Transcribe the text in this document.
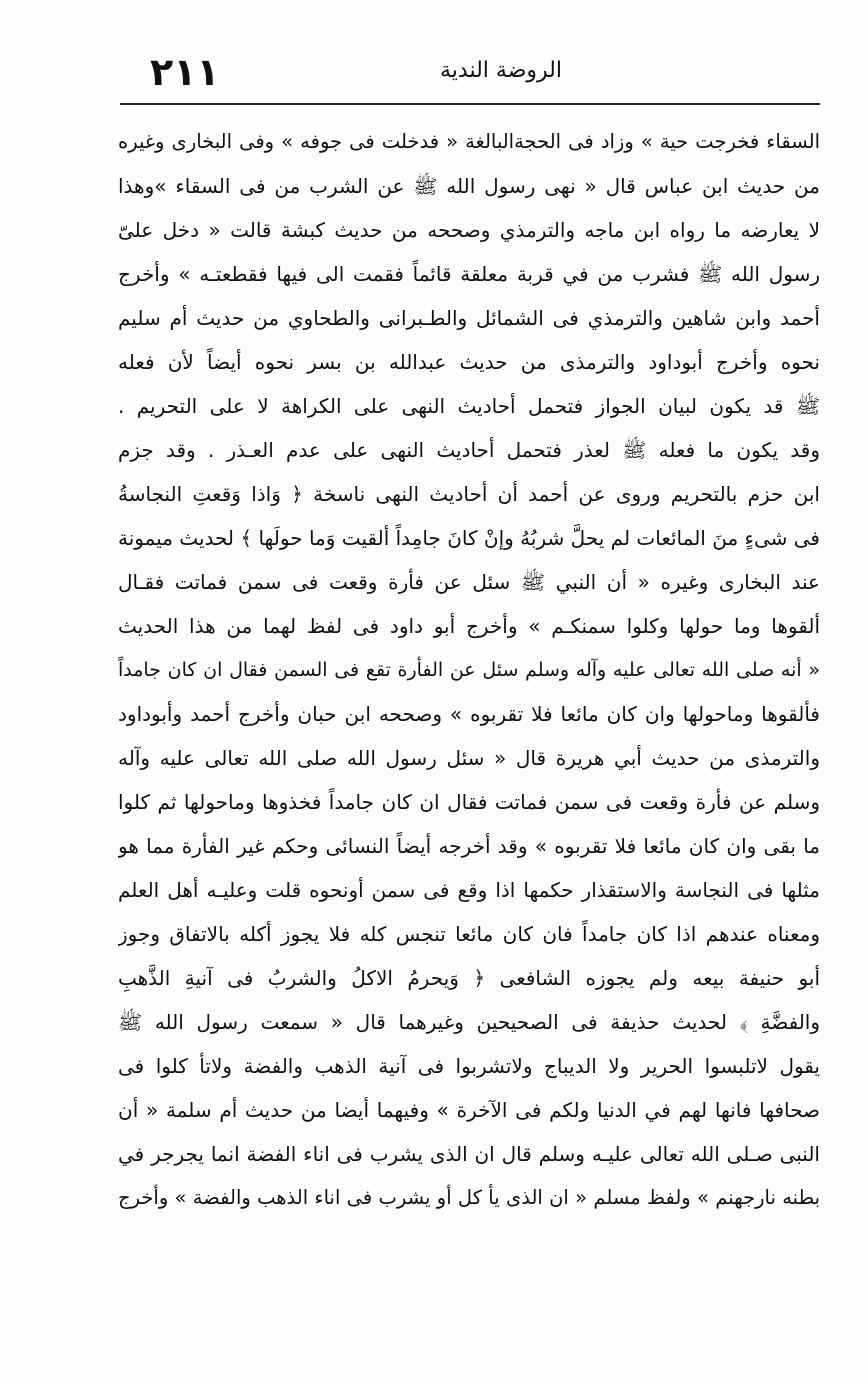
٢١١	الروضة الندية
السقاء فخرجت حية » وزاد فى الحجةالبالغة « فدخلت فى جوفه » وفى البخارى وغيره
من حديث ابن عباس قال « نهى رسول الله ﷺ عن الشرب من فى السقاء »وهذا
لا يعارضه ما رواه ابن ماجه والترمذي وصححه من حديث كبشة قالت « دخل علىّ
رسول الله ﷺ فشرب من في قربة معلقة قائماً فقمت الى فيها فقطعتـه » وأخرج
أحمد وابن شاهين والترمذي فى الشمائل والطـبرانى والطحاوي من حديث أم سليم
نحوه وأخرج أبوداود والترمذى من حديث عبدالله بن بسر نحوه أيضاً لأن فعله
ﷺ قد يكون لبيان الجواز فتحمل أحاديث النهى على الكراهة لا على التحريم .
وقد يكون ما فعله ﷺ لعذر فتحمل أحاديث النهى على عدم العـذر . وقد جزم
ابن حزم بالتحريم وروى عن أحمد أن أحاديث النهى ناسخة ﴿ وَاذا وَقعتِ النجاسةُ
فى شىءٍ منَ المائعات لم يحلَّ شربُهُ وإنْ كانَ جامِداً ألقيت وَما حولَها ﴾ لحديث ميمونة
عند البخارى وغيره « أن النبي ﷺ سئل عن فأرة وقعت فى سمن فماتت فقـال
ألقوها وما حولها وكلوا سمنكـم » وأخرج أبو داود فى لفظ لهما من هذا الحديث
« أنه صلى الله تعالى عليه وآله وسلم سئل عن الفأرة تقع فى السمن فقال ان كان جامداً
فألقوها وماحولها وان كان مائعا فلا تقربوه » وصححه ابن حبان وأخرج أحمد وأبوداود
والترمذى من حديث أبي هريرة قال « سئل رسول الله صلى الله تعالى عليه وآله
وسلم عن فأرة وقعت فى سمن فماتت فقال ان كان جامداً فخذوها وماحولها ثم كلوا
ما بقى وان كان مائعا فلا تقربوه » وقد أخرجه أيضاً النسائى وحكم غير الفأرة مما هو
مثلها فى النجاسة والاستقذار حكمها اذا وقع فى سمن أونحوه قلت وعليـه أهل العلم
ومعناه عندهم اذا كان جامداً فان كان مائعا تنجس كله فلا يجوز أكله بالاتفاق وجوز
أبو حنيفة بيعه ولم يجوزه الشافعى ﴿ وَيحرمُ الاكلُ والشربُ فى آنيةِ الذَّهبِ
والفضَّةِ ﴾ لحديث حذيفة فى الصحيحين وغيرهما قال « سمعت رسول الله ﷺ
يقول لاتلبسوا الحرير ولا الديباج ولاتشربوا فى آنية الذهب والفضة ولاتأ كلوا فى
صحافها فانها لهم في الدنيا ولكم فى الآخرة » وفيهما أيضا من حديث أم سلمة « أن
النبى صـلى الله تعالى عليـه وسلم قال ان الذى يشرب فى اناء الفضة انما يجرجر في
بطنه نارجهنم » ولفظ مسلم « ان الذى يأ كل أو يشرب فى اناء الذهب والفضة » وأخرج
